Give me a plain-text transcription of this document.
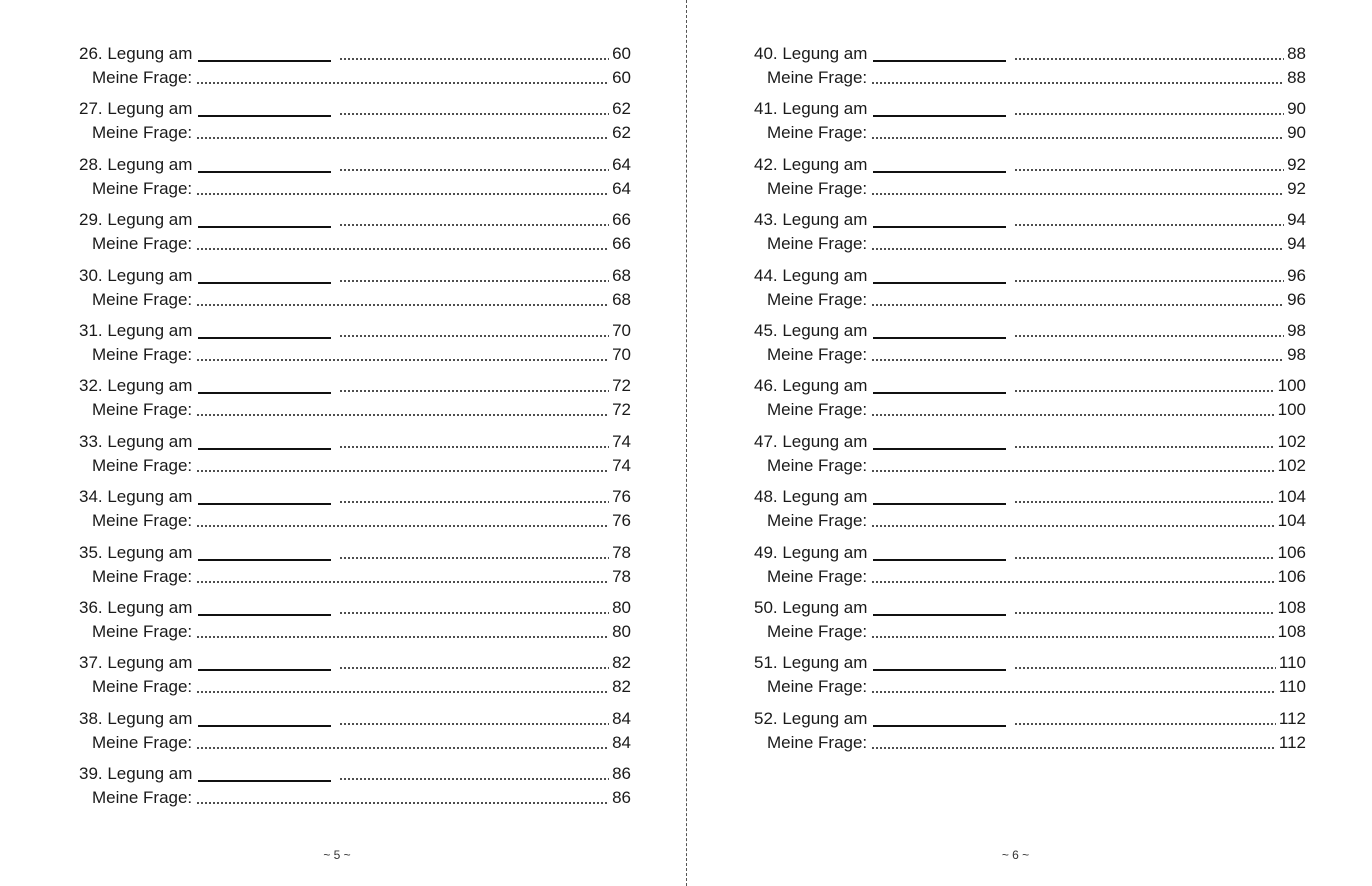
26. Legung am	60
Meine Frage:	60
27. Legung am	62
Meine Frage:	62
28. Legung am	64
Meine Frage:	64
29. Legung am	66
Meine Frage:	66
30. Legung am	68
Meine Frage:	68
31. Legung am	70
Meine Frage:	70
32. Legung am	72
Meine Frage:	72
33. Legung am	74
Meine Frage:	74
34. Legung am	76
Meine Frage:	76
35. Legung am	78
Meine Frage:	78
36. Legung am	80
Meine Frage:	80
37. Legung am	82
Meine Frage:	82
38. Legung am	84
Meine Frage:	84
39. Legung am	86
Meine Frage:	86
~ 5 ~
40. Legung am	88
Meine Frage:	88
41. Legung am	90
Meine Frage:	90
42. Legung am	92
Meine Frage:	92
43. Legung am	94
Meine Frage:	94
44. Legung am	96
Meine Frage:	96
45. Legung am	98
Meine Frage:	98
46. Legung am	100
Meine Frage:	100
47. Legung am	102
Meine Frage:	102
48. Legung am	104
Meine Frage:	104
49. Legung am	106
Meine Frage:	106
50. Legung am	108
Meine Frage:	108
51. Legung am	110
Meine Frage:	110
52. Legung am	112
Meine Frage:	112
~ 6 ~
